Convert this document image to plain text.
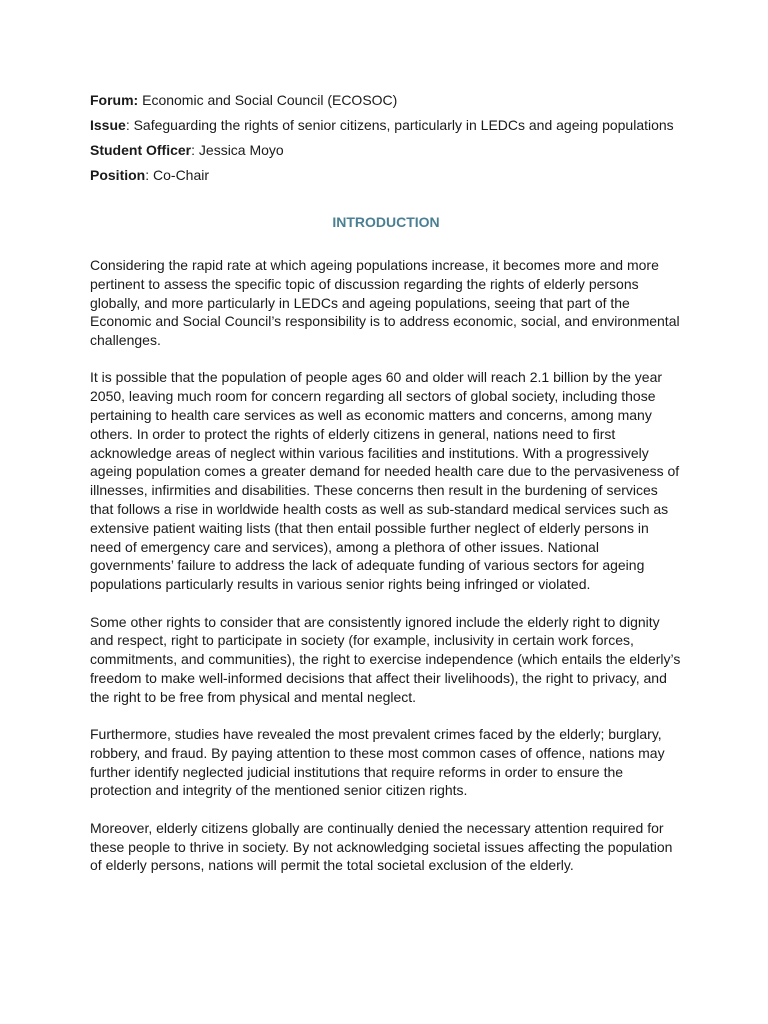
Forum: Economic and Social Council (ECOSOC)
Issue: Safeguarding the rights of senior citizens, particularly in LEDCs and ageing populations
Student Officer: Jessica Moyo
Position: Co-Chair
INTRODUCTION

Considering the rapid rate at which ageing populations increase, it becomes more and more pertinent to assess the specific topic of discussion regarding the rights of elderly persons globally, and more particularly in LEDCs and ageing populations, seeing that part of the Economic and Social Council’s responsibility is to address economic, social, and environmental challenges.

It is possible that the population of people ages 60 and older will reach 2.1 billion by the year 2050, leaving much room for concern regarding all sectors of global society, including those pertaining to health care services as well as economic matters and concerns, among many others. In order to protect the rights of elderly citizens in general, nations need to first acknowledge areas of neglect within various facilities and institutions. With a progressively ageing population comes a greater demand for needed health care due to the pervasiveness of illnesses, infirmities and disabilities. These concerns then result in the burdening of services that follows a rise in worldwide health costs as well as sub-standard medical services such as extensive patient waiting lists (that then entail possible further neglect of elderly persons in need of emergency care and services), among a plethora of other issues. National governments’ failure to address the lack of adequate funding of various sectors for ageing populations particularly results in various senior rights being infringed or violated.

Some other rights to consider that are consistently ignored include the elderly right to dignity and respect, right to participate in society (for example, inclusivity in certain work forces, commitments, and communities), the right to exercise independence (which entails the elderly’s freedom to make well-informed decisions that affect their livelihoods), the right to privacy, and the right to be free from physical and mental neglect.

Furthermore, studies have revealed the most prevalent crimes faced by the elderly; burglary, robbery, and fraud. By paying attention to these most common cases of offence, nations may further identify neglected judicial institutions that require reforms in order to ensure the protection and integrity of the mentioned senior citizen rights.

Moreover, elderly citizens globally are continually denied the necessary attention required for these people to thrive in society. By not acknowledging societal issues affecting the population of elderly persons, nations will permit the total societal exclusion of the elderly.
